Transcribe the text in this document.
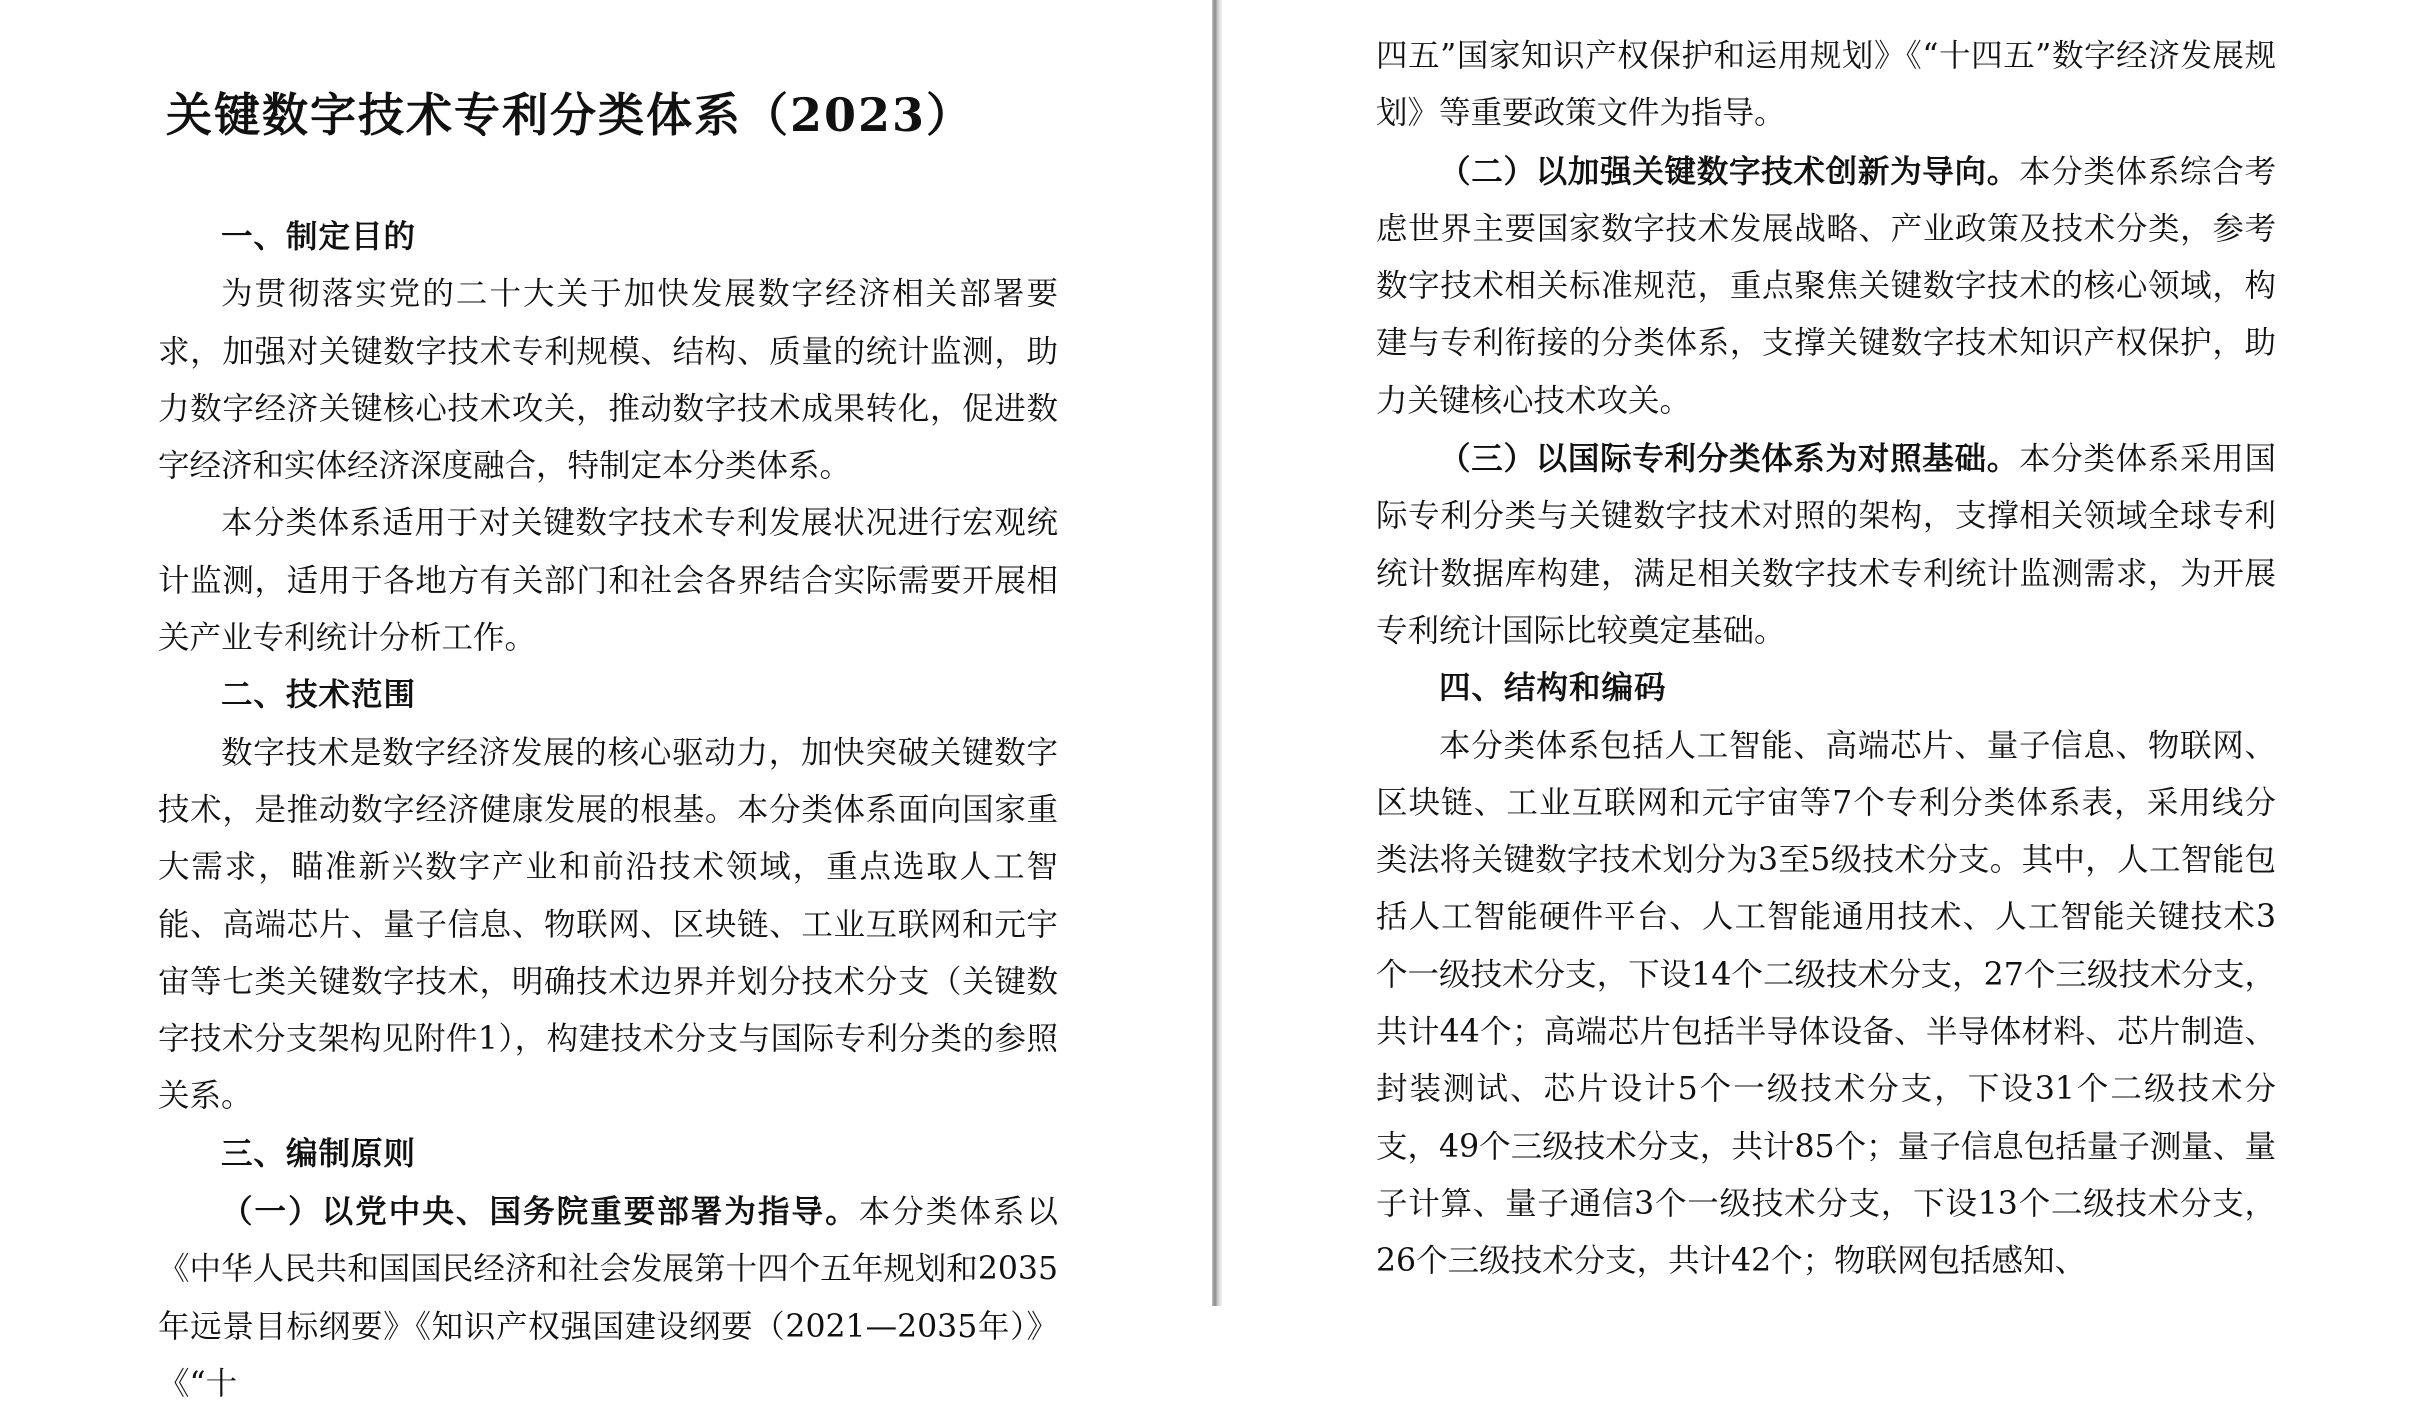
关键数字技术专利分类体系（2023）
一、制定目的

为贯彻落实党的二十大关于加快发展数字经济相关部署要求，加强对关键数字技术专利规模、结构、质量的统计监测，助力数字经济关键核心技术攻关，推动数字技术成果转化，促进数字经济和实体经济深度融合，特制定本分类体系。

本分类体系适用于对关键数字技术专利发展状况进行宏观统计监测，适用于各地方有关部门和社会各界结合实际需要开展相关产业专利统计分析工作。

二、技术范围

数字技术是数字经济发展的核心驱动力，加快突破关键数字技术，是推动数字经济健康发展的根基。本分类体系面向国家重大需求，瞄准新兴数字产业和前沿技术领域，重点选取人工智能、高端芯片、量子信息、物联网、区块链、工业互联网和元宇宙等七类关键数字技术，明确技术边界并划分技术分支（关键数字技术分支架构见附件1），构建技术分支与国际专利分类的参照关系。

三、编制原则

（一）以党中央、国务院重要部署为指导。本分类体系以《中华人民共和国国民经济和社会发展第十四个五年规划和2035年远景目标纲要》《知识产权强国建设纲要（2021—2035年）》《“十

四五”国家知识产权保护和运用规划》《“十四五”数字经济发展规划》等重要政策文件为指导。

（二）以加强关键数字技术创新为导向。本分类体系综合考虑世界主要国家数字技术发展战略、产业政策及技术分类，参考数字技术相关标准规范，重点聚焦关键数字技术的核心领域，构建与专利衔接的分类体系，支撑关键数字技术知识产权保护，助力关键核心技术攻关。

（三）以国际专利分类体系为对照基础。本分类体系采用国际专利分类与关键数字技术对照的架构，支撑相关领域全球专利统计数据库构建，满足相关数字技术专利统计监测需求，为开展专利统计国际比较奠定基础。

四、结构和编码

本分类体系包括人工智能、高端芯片、量子信息、物联网、区块链、工业互联网和元宇宙等7个专利分类体系表，采用线分类法将关键数字技术划分为3至5级技术分支。其中，人工智能包括人工智能硬件平台、人工智能通用技术、人工智能关键技术3个一级技术分支，下设14个二级技术分支，27个三级技术分支，共计44个；高端芯片包括半导体设备、半导体材料、芯片制造、封装测试、芯片设计5个一级技术分支，下设31个二级技术分支，49个三级技术分支，共计85个；量子信息包括量子测量、量子计算、量子通信3个一级技术分支，下设13个二级技术分支，26个三级技术分支，共计42个；物联网包括感知、
